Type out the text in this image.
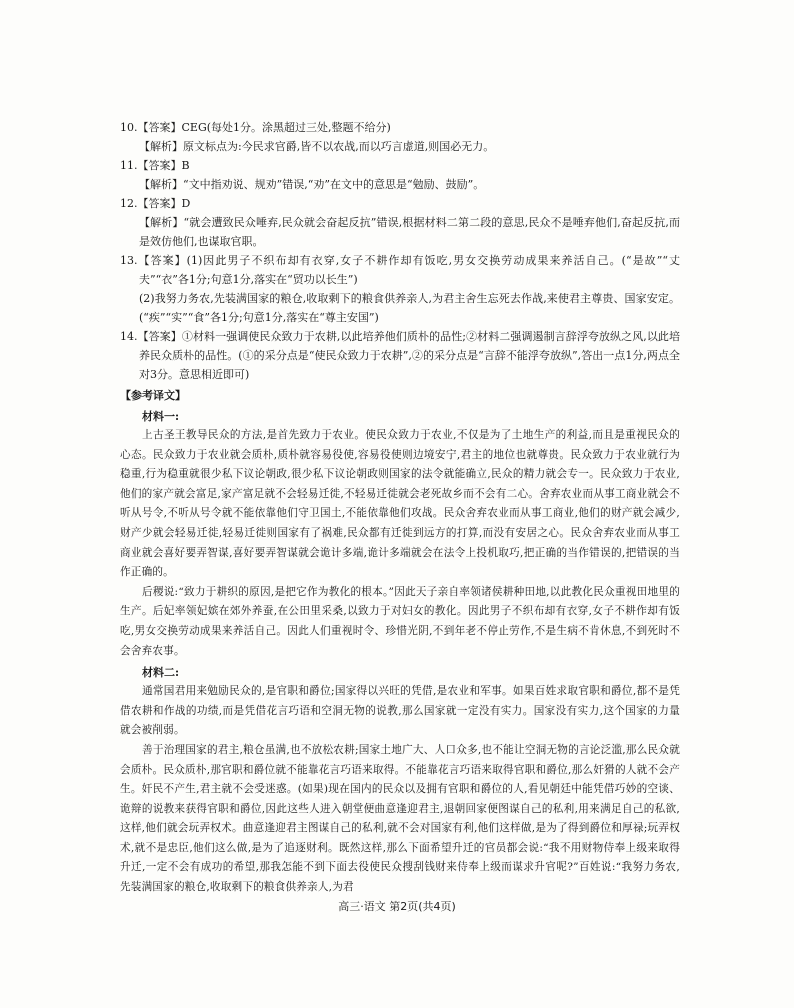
10.【答案】CEG(每处1分。涂黑超过三处,整题不给分)

【解析】原文标点为:今民求官爵,皆不以农战,而以巧言虚道,则国必无力。

11.【答案】B

【解析】“文中指劝说、规劝”错误,“劝”在文中的意思是“勉励、鼓励”。

12.【答案】D

【解析】“就会遭致民众唾弃,民众就会奋起反抗”错误,根据材料二第二段的意思,民众不是唾弃他们,奋起反抗,而是效仿他们,也谋取官职。

13.【答案】(1)因此男子不织布却有衣穿,女子不耕作却有饭吃,男女交换劳动成果来养活自己。(“是故”“丈夫”“衣”各1分;句意1分,落实在“贸功以长生”)

(2)我努力务农,先装满国家的粮仓,收取剩下的粮食供养亲人,为君主舍生忘死去作战,来使君主尊贵、国家安定。(“疾”“实”“食”各1分;句意1分,落实在“尊主安国”)

14.【答案】①材料一强调使民众致力于农耕,以此培养他们质朴的品性;②材料二强调遏制言辞浮夸放纵之风,以此培养民众质朴的品性。(①的采分点是“使民众致力于农耕”,②的采分点是“言辞不能浮夸放纵”,答出一点1分,两点全对3分。意思相近即可)

【参考译文】

材料一:

上古圣王教导民众的方法,是首先致力于农业。使民众致力于农业,不仅是为了土地生产的利益,而且是重视民众的心态。民众致力于农业就会质朴,质朴就容易役使,容易役使则边境安宁,君主的地位也就尊贵。民众致力于农业就行为稳重,行为稳重就很少私下议论朝政,很少私下议论朝政则国家的法令就能确立,民众的精力就会专一。民众致力于农业,他们的家产就会富足,家产富足就不会轻易迁徙,不轻易迁徙就会老死故乡而不会有二心。舍弃农业而从事工商业就会不听从号令,不听从号令就不能依靠他们守卫国土,不能依靠他们攻战。民众舍弃农业而从事工商业,他们的财产就会减少,财产少就会轻易迁徙,轻易迁徙则国家有了祸难,民众都有迁徙到远方的打算,而没有安居之心。民众舍弃农业而从事工商业就会喜好要弄智谋,喜好要弄智谋就会诡计多端,诡计多端就会在法令上投机取巧,把正确的当作错误的,把错误的当作正确的。

后稷说:“致力于耕织的原因,是把它作为教化的根本。”因此天子亲自率领诸侯耕种田地,以此教化民众重视田地里的生产。后妃率领妃嫔在郊外养蚕,在公田里采桑,以致力于对妇女的教化。因此男子不织布却有衣穿,女子不耕作却有饭吃,男女交换劳动成果来养活自己。因此人们重视时令、珍惜光阴,不到年老不停止劳作,不是生病不肯休息,不到死时不会舍弃农事。

材料二:

通常国君用来勉励民众的,是官职和爵位;国家得以兴旺的凭借,是农业和军事。如果百姓求取官职和爵位,都不是凭借农耕和作战的功绩,而是凭借花言巧语和空洞无物的说教,那么国家就一定没有实力。国家没有实力,这个国家的力量就会被削弱。

善于治理国家的君主,粮仓虽满,也不放松农耕;国家土地广大、人口众多,也不能让空洞无物的言论泛滥,那么民众就会质朴。民众质朴,那官职和爵位就不能靠花言巧语来取得。不能靠花言巧语来取得官职和爵位,那么奸猾的人就不会产生。奸民不产生,君主就不会受迷惑。(如果)现在国内的民众以及拥有官职和爵位的人,看见朝廷中能凭借巧妙的空谈、诡辩的说教来获得官职和爵位,因此这些人进入朝堂便曲意逢迎君主,退朝回家便图谋自己的私利,用来满足自己的私欲,这样,他们就会玩弄权术。曲意逢迎君主图谋自己的私利,就不会对国家有利,他们这样做,是为了得到爵位和厚禄;玩弄权术,就不是忠臣,他们这么做,是为了追逐财利。既然这样,那么下面希望升迁的官员都会说:“我不用财物侍奉上级来取得升迁,一定不会有成功的希望,那我怎能不到下面去役使民众搜刮钱财来侍奉上级而谋求升官呢?”百姓说:“我努力务农,先装满国家的粮仓,收取剩下的粮食供养亲人,为君

高三·语文 第2页(共4页)
